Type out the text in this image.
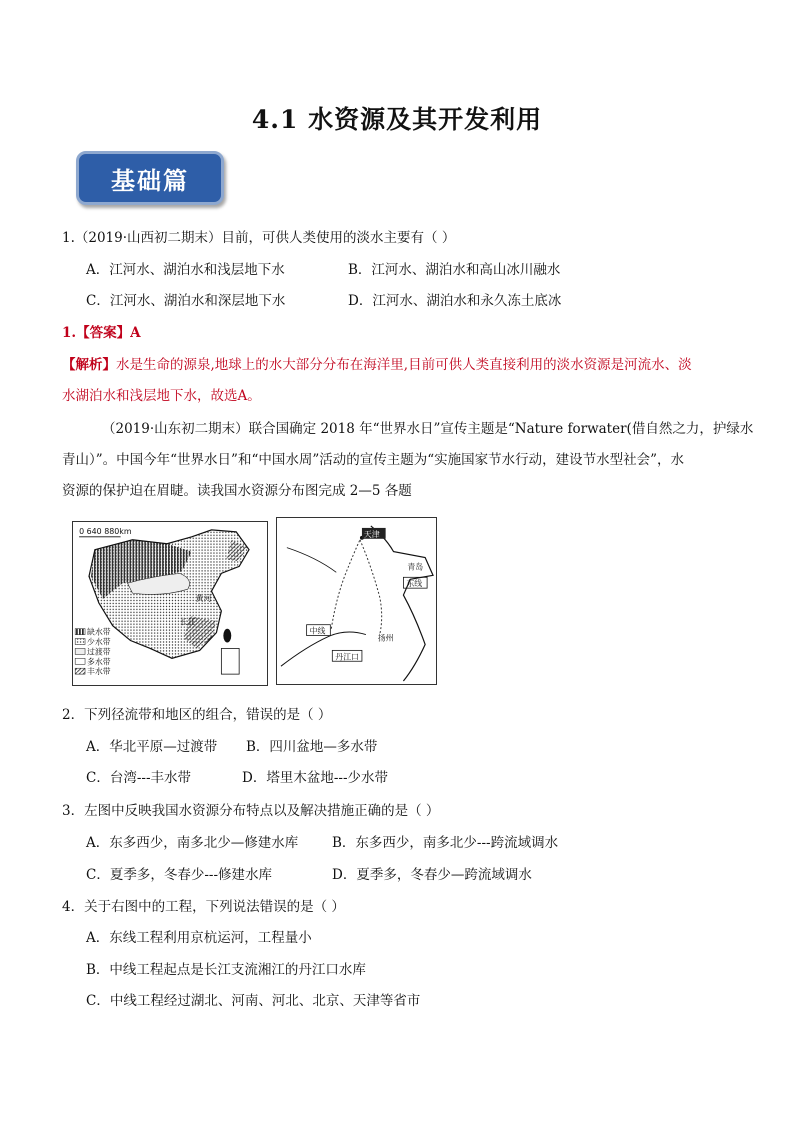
4.1 水资源及其开发利用
基础篇
1.（2019·山西初二期末）目前，可供人类使用的淡水主要有（ ）
A．江河水、湖泊水和浅层地下水	B．江河水、湖泊水和高山冰川融水
C．江河水、湖泊水和深层地下水	D．江河水、湖泊水和永久冻土底冰
1.【答案】A
【解析】水是生命的源泉,地球上的水大部分分布在海洋里,目前可供人类直接利用的淡水资源是河流水、淡
水湖泊水和浅层地下水，故选A。
（2019·山东初二期末）联合国确定 2018 年“世界水日”宣传主题是“Nature forwater(借自然之力，护绿水
青山）”。中国今年“世界水日”和“中国水周”活动的宣传主题为“实施国家节水行动，建设节水型社会”，水
资源的保护迫在眉睫。读我国水资源分布图完成 2—5 各题
0 640 880km
长江
黄河
缺水带
少水带
过渡带
多水带
丰水带
天津
青岛
东线
中线
丹江口
扬州
2．下列径流带和地区的组合，错误的是（ ）
A．华北平原—过渡带 B．四川盆地—多水带
C．台湾---丰水带	D．塔里木盆地---少水带
3．左图中反映我国水资源分布特点以及解决措施正确的是（ ）
A．东多西少，南多北少—修建水库	B．东多西少，南多北少---跨流域调水
C．夏季多，冬春少---修建水库	D．夏季多，冬春少—跨流域调水
4．关于右图中的工程，下列说法错误的是（ ）
A．东线工程利用京杭运河，工程量小
B．中线工程起点是长江支流湘江的丹江口水库
C．中线工程经过湖北、河南、河北、北京、天津等省市
